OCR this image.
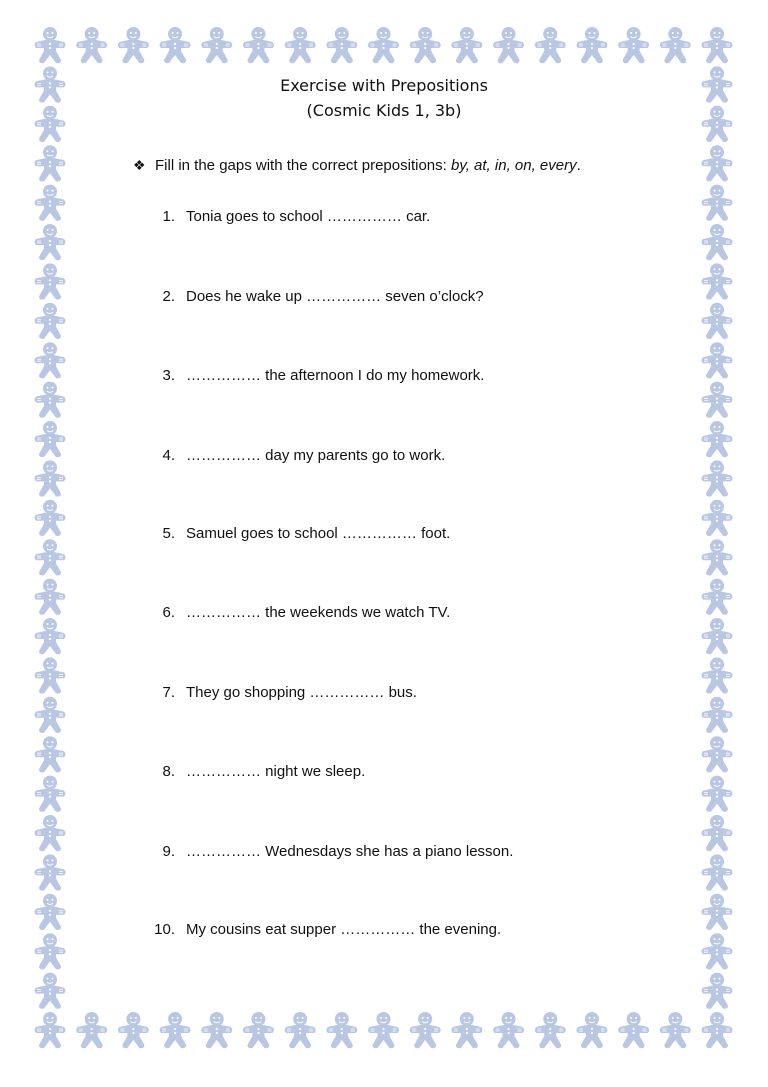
Exercise with Prepositions
(Cosmic Kids 1, 3b)
❖ Fill in the gaps with the correct prepositions: by, at, in, on, every.
1. Tonia goes to school …………… car.
2. Does he wake up …………… seven o’clock?
3. …………… the afternoon I do my homework.
4. …………… day my parents go to work.
5. Samuel goes to school …………… foot.
6. …………… the weekends we watch TV.
7. They go shopping …………… bus.
8. …………… night we sleep.
9. …………… Wednesdays she has a piano lesson.
10. My cousins eat supper …………… the evening.
